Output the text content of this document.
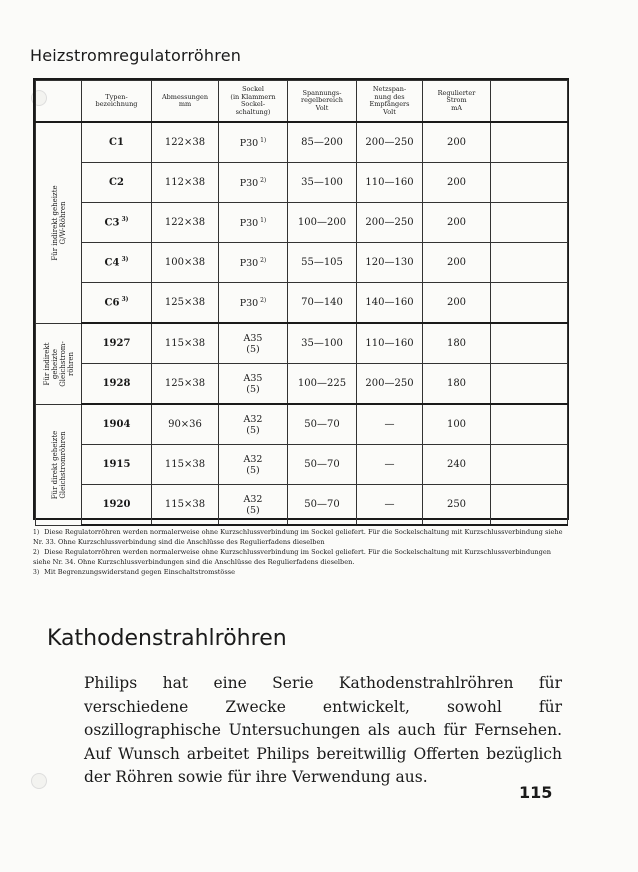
Heizstromregulatorröhren
	Typen-
bezeichnung	Abmessungen
mm	Sockel
(in Klammern
Sockel-
schaltung)	Spannungs-
regelbereich
Volt	Netzspan-
nung des
Empfängers
Volt	Regulierter
Strom
mA	

Für indirekt geheizte
G/W-Röhren	C1	122×38	P30 $^{1)}$	85—200	200—250	200	
	C2	112×38	P30 $^{2)}$	35—100	110—160	200	
	C3 $^{3)}$	122×38	P30 $^{1)}$	100—200	200—250	200	
	C4 $^{3)}$	100×38	P30 $^{2)}$	55—105	120—130	200	
	C6 $^{3)}$	125×38	P30 $^{2)}$	70—140	140—160	200	

Für indirekt
geheizte
Gleichstrom-
röhren	1927	115×38	A35
(5)	35—100	110—160	180	
	1928	125×38	A35
(5)	100—225	200—250	180	

Für direkt geheizte
Gleichstromröhren	1904	90×36	A32
(5)	50—70	—	100	
	1915	115×38	A32
(5)	50—70	—	240	
	1920	115×38	A32
(5)	50—70	—	250	

1) Diese Regulatorröhren werden normalerweise ohne Kurzschlussverbindung im Sockel geliefert. Für die Sockelschaltung mit Kurzschlussverbindung siehe Nr. 33. Ohne Kurzschlussverbindung sind die Anschlüsse des Regulierfadens dieselben

2) Diese Regulatorröhren werden normalerweise ohne Kurzschlussverbindung im Sockel geliefert. Für die Sockelschaltung mit Kurzschlussverbindungen siehe Nr. 34. Ohne Kurzschlussverbindungen sind die Anschlüsse des Regulierfadens dieselben.

3) Mit Begrenzungswiderstand gegen Einschaltstromstösse

Kathodenstrahlröhren
Philips hat eine Serie Kathodenstrahlröhren für verschiedene Zwecke entwickelt, sowohl für oszillographische Untersuchungen als auch für Fernsehen. Auf Wunsch arbeitet Philips bereitwillig Offerten bezüglich der Röhren sowie für ihre Verwendung aus.
115
